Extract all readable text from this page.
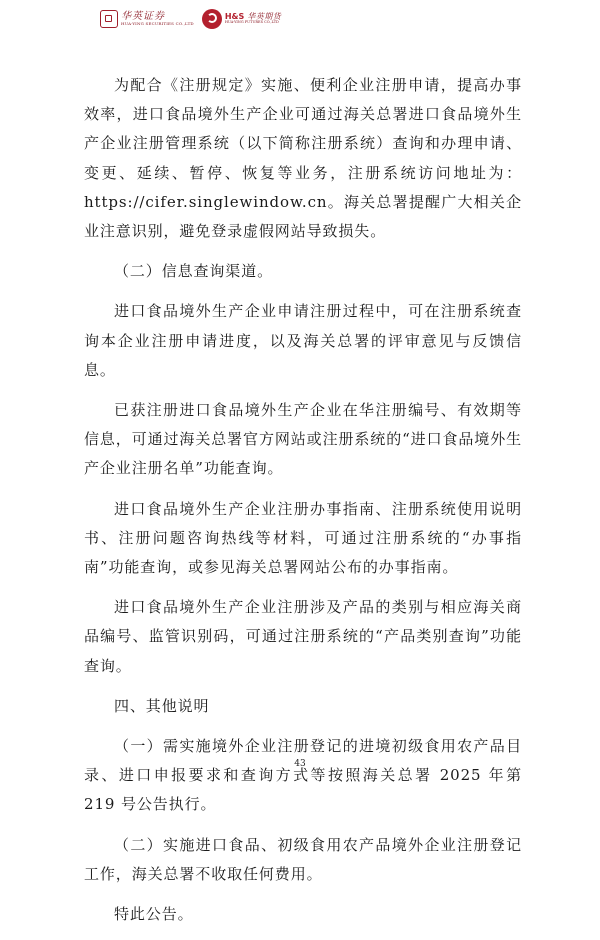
华英证券
HUA-YING SECURITIES CO.,LTD
H&S 华英期货
HUA-YING FUTURES CO.,LTD

为配合《注册规定》实施、便利企业注册申请，提高办事效率，进口食品境外生产企业可通过海关总署进口食品境外生产企业注册管理系统（以下简称注册系统）查询和办理申请、变更、延续、暂停、恢复等业务，注册系统访问地址为：https://cifer.singlewindow.cn。海关总署提醒广大相关企业注意识别，避免登录虚假网站导致损失。

（二）信息查询渠道。

进口食品境外生产企业申请注册过程中，可在注册系统查询本企业注册申请进度，以及海关总署的评审意见与反馈信息。

已获注册进口食品境外生产企业在华注册编号、有效期等信息，可通过海关总署官方网站或注册系统的“进口食品境外生产企业注册名单”功能查询。

进口食品境外生产企业注册办事指南、注册系统使用说明书、注册问题咨询热线等材料，可通过注册系统的“办事指南”功能查询，或参见海关总署网站公布的办事指南。

进口食品境外生产企业注册涉及产品的类别与相应海关商品编号、监管识别码，可通过注册系统的“产品类别查询”功能查询。

四、其他说明

（一）需实施境外企业注册登记的进境初级食用农产品目录、进口申报要求和查询方式等按照海关总署 2025 年第 219 号公告执行。

（二）实施进口食品、初级食用农产品境外企业注册登记工作，海关总署不收取任何费用。

特此公告。

43
